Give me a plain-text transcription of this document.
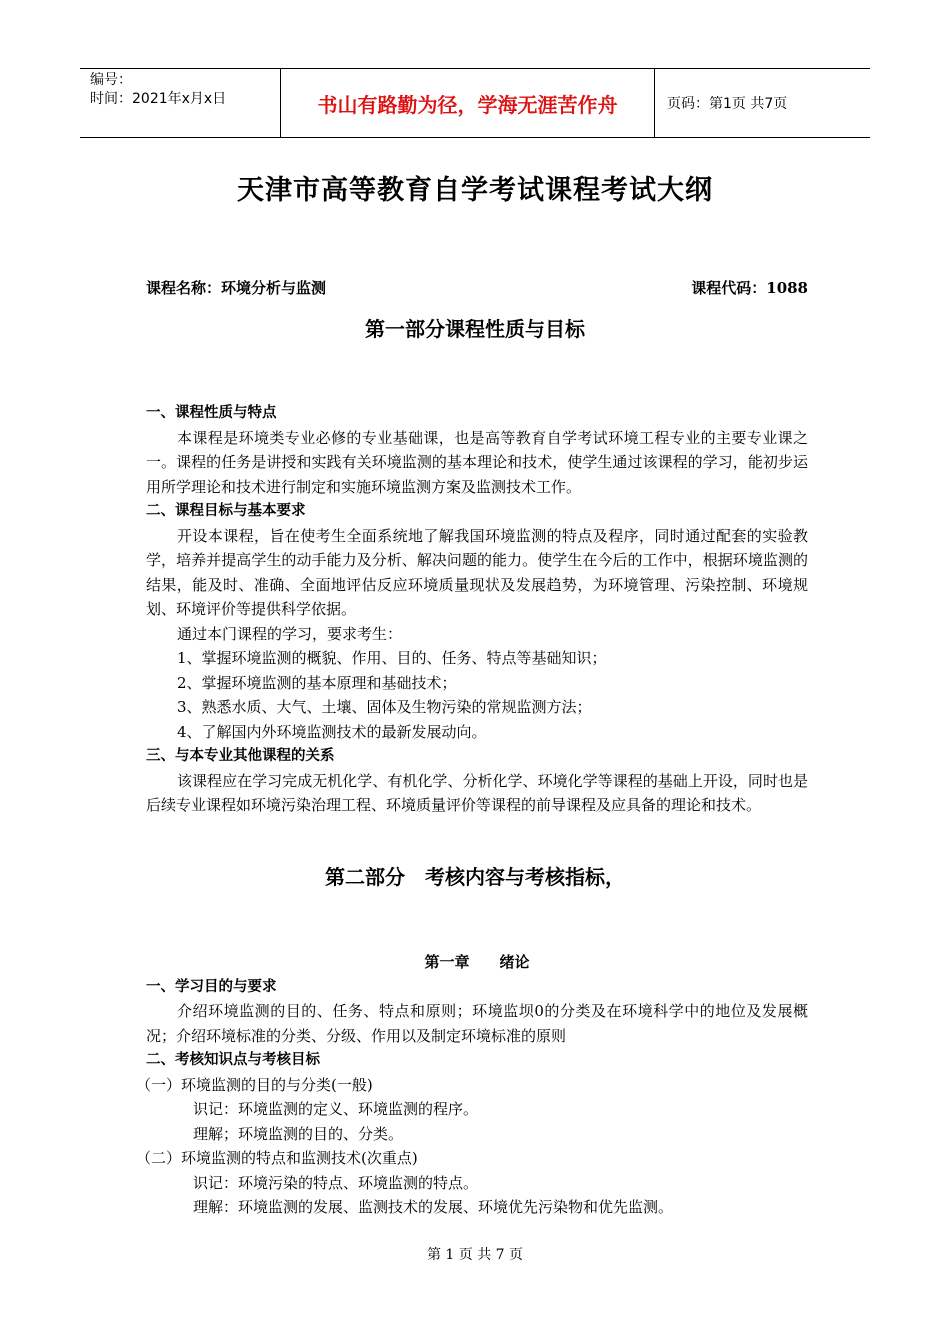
编号：
时间：2021年x月x日	书山有路勤为径，学海无涯苦作舟	页码：第1页 共7页
天津市高等教育自学考试课程考试大纲
课程名称：环境分析与监测	课程代码：1088
第一部分课程性质与目标
一、课程性质与特点
本课程是环境类专业必修的专业基础课，也是高等教育自学考试环境工程专业的主要专业课之一。课程的任务是讲授和实践有关环境监测的基本理论和技术，使学生通过该课程的学习，能初步运用所学理论和技术进行制定和实施环境监测方案及监测技术工作。
二、课程目标与基本要求
开设本课程，旨在使考生全面系统地了解我国环境监测的特点及程序，同时通过配套的实验教学，培养并提高学生的动手能力及分析、解决问题的能力。使学生在今后的工作中，根据环境监测的结果，能及时、准确、全面地评估反应环境质量现状及发展趋势，为环境管理、污染控制、环境规划、环境评价等提供科学依据。
通过本门课程的学习，要求考生：
1、掌握环境监测的概貌、作用、目的、任务、特点等基础知识；
2、掌握环境监测的基本原理和基础技术；
3、熟悉水质、大气、土壤、固体及生物污染的常规监测方法；
4、了解国内外环境监测技术的最新发展动向。
三、与本专业其他课程的关系
该课程应在学习完成无机化学、有机化学、分析化学、环境化学等课程的基础上开设，同时也是后续专业课程如环境污染治理工程、环境质量评价等课程的前导课程及应具备的理论和技术。
第二部分　考核内容与考核指标，
第一章　　绪论
一、学习目的与要求
介绍环境监测的目的、任务、特点和原则；环境监坝0的分类及在环境科学中的地位及发展概况；介绍环境标准的分类、分级、作用以及制定环境标准的原则
二、考核知识点与考核目标
（一）环境监测的目的与分类(一般)
识记：环境监测的定义、环境监测的程序。
理解；环境监测的目的、分类。
（二）环境监测的特点和监测技术(次重点)
识记：环境污染的特点、环境监测的特点。
理解：环境监测的发展、监测技术的发展、环境优先污染物和优先监测。
第 1 页 共 7 页
